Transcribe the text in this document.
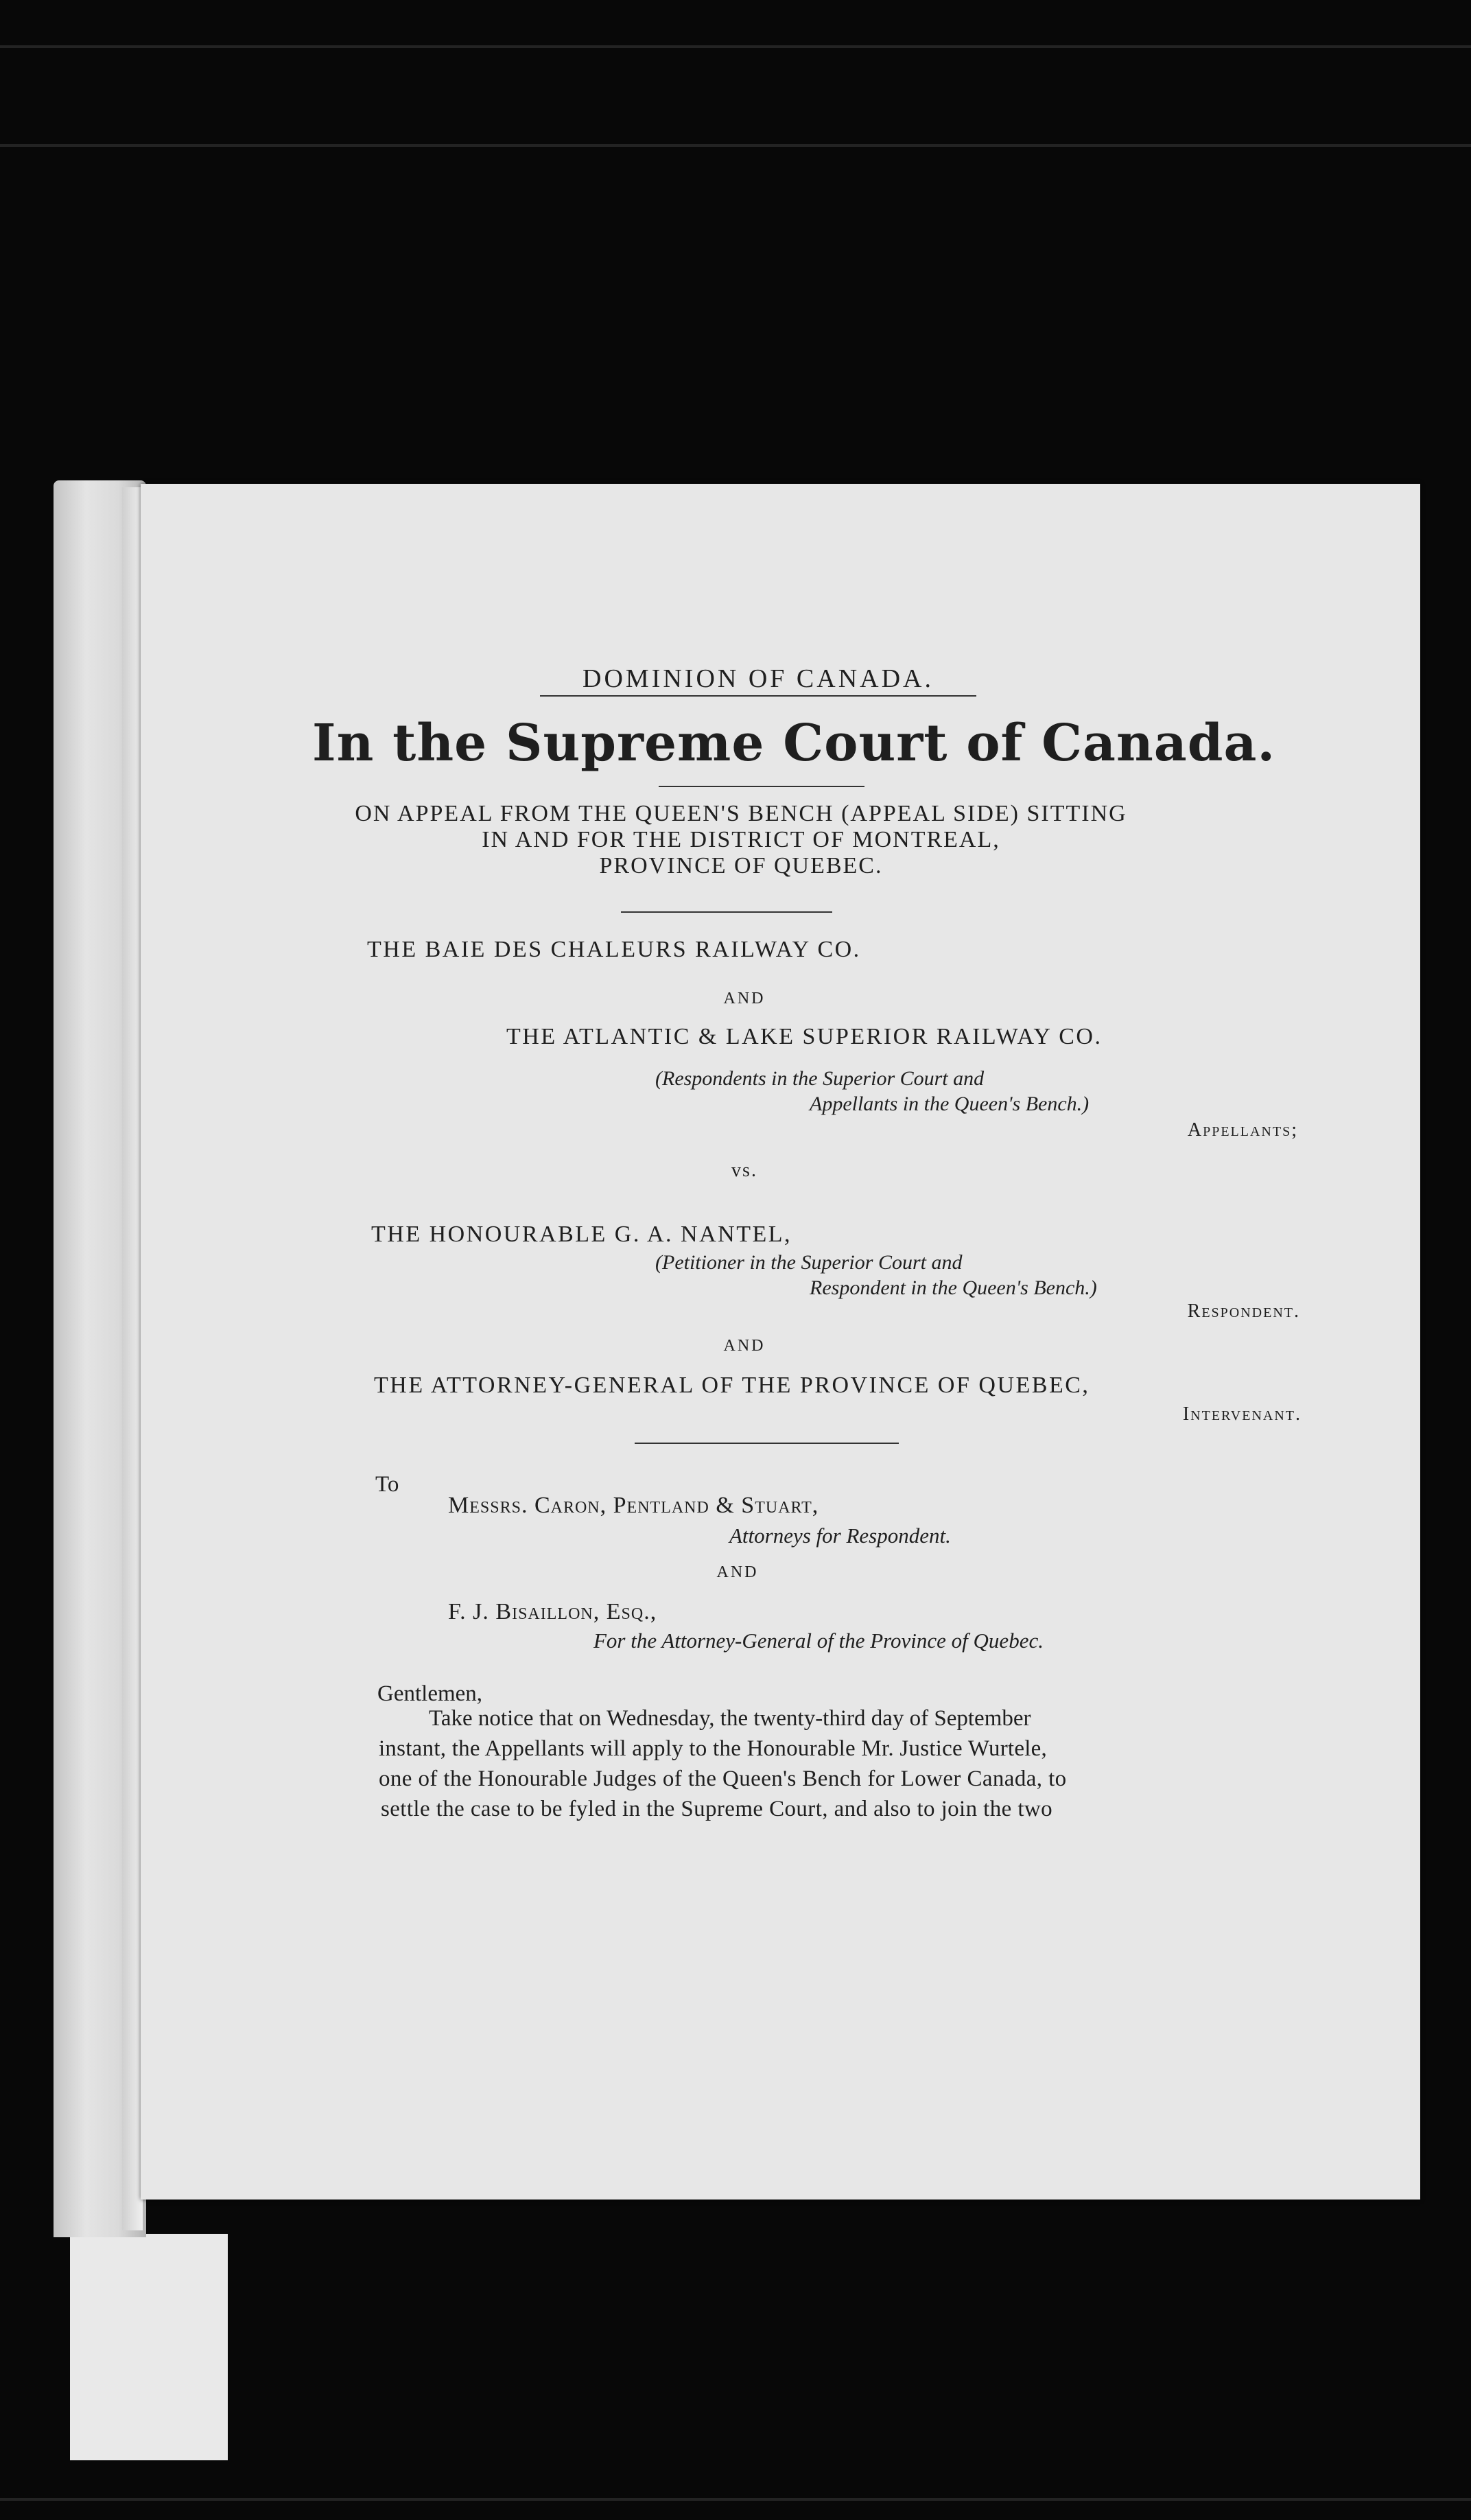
DOMINION OF CANADA.
In the Supreme Court of Canada.
ON APPEAL FROM THE QUEEN'S BENCH (APPEAL SIDE) SITTING
IN AND FOR THE DISTRICT OF MONTREAL,
PROVINCE OF QUEBEC.
THE BAIE DES CHALEURS RAILWAY CO.
AND
THE ATLANTIC & LAKE SUPERIOR RAILWAY CO.
(Respondents in the Superior Court and
Appellants in the Queen's Bench.)
Appellants;
vs.
THE HONOURABLE G. A. NANTEL,
(Petitioner in the Superior Court and
Respondent in the Queen's Bench.)
Respondent.
AND
THE ATTORNEY-GENERAL OF THE PROVINCE OF QUEBEC,
Intervenant.
To
Messrs. Caron, Pentland & Stuart,
Attorneys for Respondent.
AND
F. J. Bisaillon, Esq.,
For the Attorney-General of the Province of Quebec.
Gentlemen,
Take notice that on Wednesday, the twenty-third day of September
instant, the Appellants will apply to the Honourable Mr. Justice Wurtele,
one of the Honourable Judges of the Queen's Bench for Lower Canada, to
settle the case to be fyled in the Supreme Court, and also to join the two
